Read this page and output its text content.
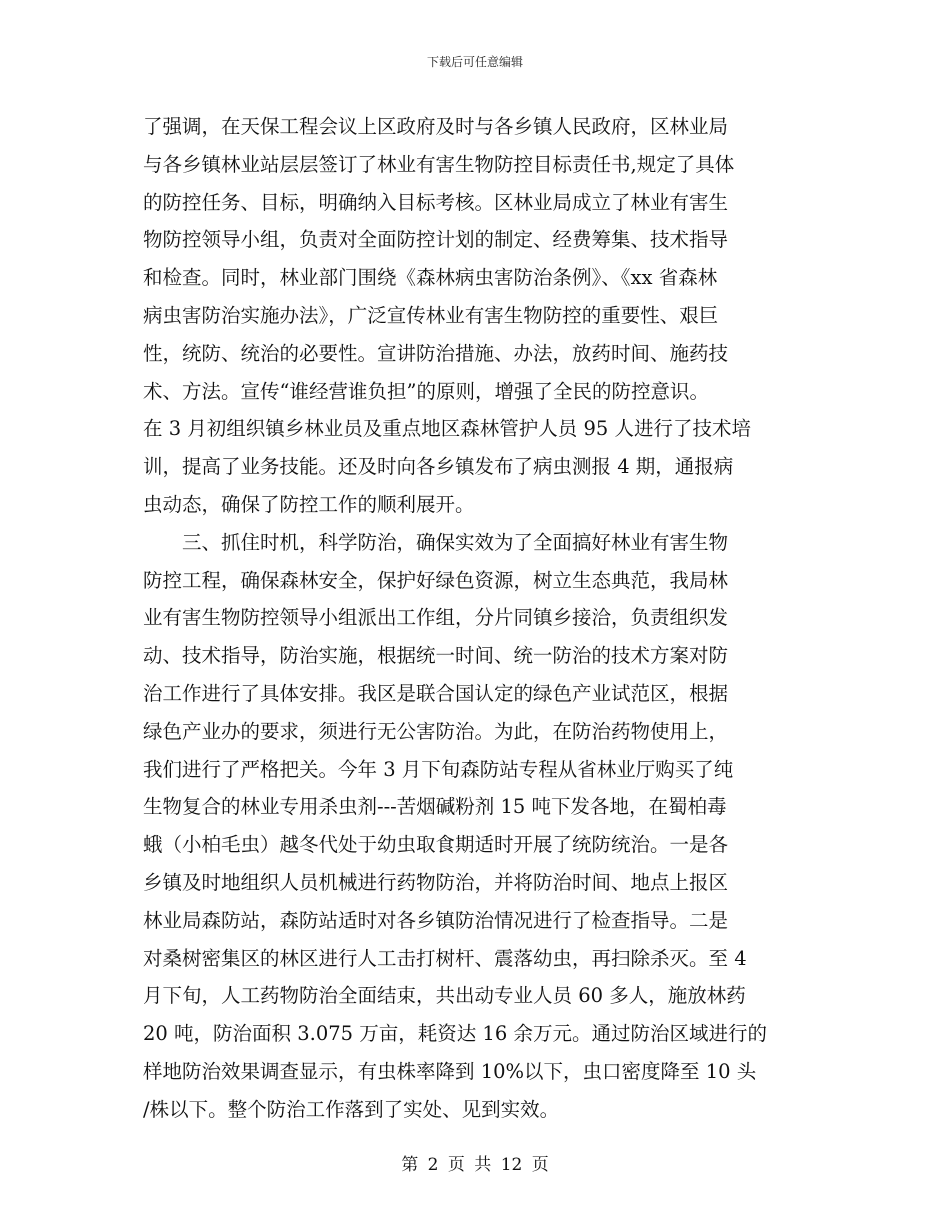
下载后可任意编辑
了强调，在天保工程会议上区政府及时与各乡镇人民政府，区林业局
与各乡镇林业站层层签订了林业有害生物防控目标责任书,规定了具体
的防控任务、目标，明确纳入目标考核。区林业局成立了林业有害生
物防控领导小组，负责对全面防控计划的制定、经费筹集、技术指导
和检查。同时，林业部门围绕《森林病虫害防治条例》、《xx 省森林
病虫害防治实施办法》，广泛宣传林业有害生物防控的重要性、艰巨
性，统防、统治的必要性。宣讲防治措施、办法，放药时间、施药技
术、方法。宣传“谁经营谁负担”的原则，增强了全民的防控意识。
在 3 月初组织镇乡林业员及重点地区森林管护人员 95 人进行了技术培
训，提高了业务技能。还及时向各乡镇发布了病虫测报 4 期，通报病
虫动态，确保了防控工作的顺利展开。
　　三、抓住时机，科学防治，确保实效为了全面搞好林业有害生物
防控工程，确保森林安全，保护好绿色资源，树立生态典范，我局林
业有害生物防控领导小组派出工作组，分片同镇乡接洽，负责组织发
动、技术指导，防治实施，根据统一时间、统一防治的技术方案对防
治工作进行了具体安排。我区是联合国认定的绿色产业试范区，根据
绿色产业办的要求，须进行无公害防治。为此，在防治药物使用上，
我们进行了严格把关。今年 3 月下旬森防站专程从省林业厅购买了纯
生物复合的林业专用杀虫剂---苦烟碱粉剂 15 吨下发各地，在蜀柏毒
蛾（小柏毛虫）越冬代处于幼虫取食期适时开展了统防统治。一是各
乡镇及时地组织人员机械进行药物防治，并将防治时间、地点上报区
林业局森防站，森防站适时对各乡镇防治情况进行了检查指导。二是
对桑树密集区的林区进行人工击打树杆、震落幼虫，再扫除杀灭。至 4
月下旬，人工药物防治全面结束，共出动专业人员 60 多人，施放林药
20 吨，防治面积 3.075 万亩，耗资达 16 余万元。通过防治区域进行的
样地防治效果调查显示，有虫株率降到 10%以下，虫口密度降至 10 头
/株以下。整个防治工作落到了实处、见到实效。
第 2 页 共 12 页
